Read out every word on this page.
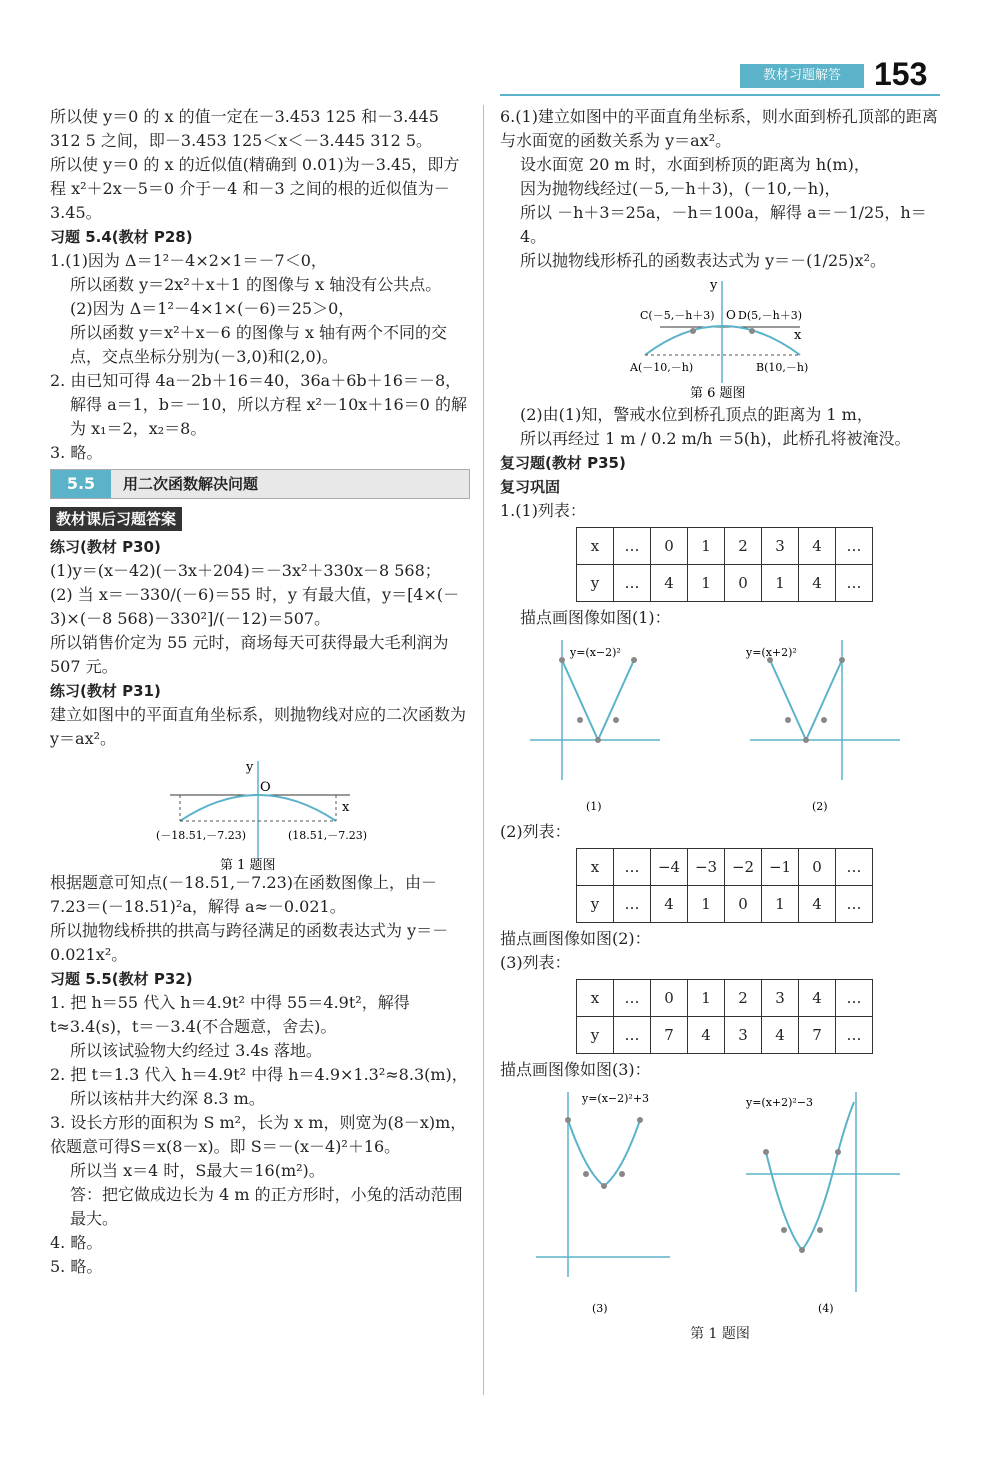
教材习题解答	153

所以使 y＝0 的 x 的值一定在－3.453 125 和－3.445 312 5 之间，即－3.453 125＜x＜－3.445 312 5。

所以使 y＝0 的 x 的近似值(精确到 0.01)为－3.45，即方程 x²＋2x－5＝0 介于－4 和－3 之间的根的近似值为－3.45。

习题 5.4(教材 P28)

1.(1)因为 Δ＝1²－4×2×1＝－7＜0，

所以函数 y＝2x²＋x＋1 的图像与 x 轴没有公共点。

(2)因为 Δ＝1²－4×1×(－6)＝25＞0，

所以函数 y＝x²＋x－6 的图像与 x 轴有两个不同的交点，交点坐标分别为(－3,0)和(2,0)。

2. 由已知可得 4a－2b＋16＝40，36a＋6b＋16＝－8，

解得 a＝1，b＝－10，所以方程 x²－10x＋16＝0 的解为 x₁＝2，x₂＝8。

3. 略。

5.5	用二次函数解决问题
教材课后习题答案

练习(教材 P30)

(1)y＝(x－42)(－3x＋204)＝－3x²＋330x－8 568；

(2) 当 x＝－330/(－6)＝55 时，y 有最大值，y＝[4×(－3)×(－8 568)－330²]/(－12)＝507。

所以销售价定为 55 元时，商场每天可获得最大毛利润为507 元。

练习(教材 P31)

建立如图中的平面直角坐标系，则抛物线对应的二次函数为 y＝ax²。

y
O
x
(－18.51,－7.23)	(18.51,－7.23)
第 1 题图

根据题意可知点(－18.51,－7.23)在函数图像上，由－7.23＝(－18.51)²a，解得 a≈－0.021。

所以抛物线桥拱的拱高与跨径满足的函数表达式为 y＝－0.021x²。

习题 5.5(教材 P32)

1. 把 h＝55 代入 h＝4.9t² 中得 55＝4.9t²，解得 t≈3.4(s)，t＝－3.4(不合题意，舍去)。

所以该试验物大约经过 3.4s 落地。

2. 把 t＝1.3 代入 h＝4.9t² 中得 h＝4.9×1.3²≈8.3(m)，

所以该枯井大约深 8.3 m。

3. 设长方形的面积为 S m²，长为 x m，则宽为(8－x)m，依题意可得S＝x(8－x)。即 S＝－(x－4)²＋16。

所以当 x＝4 时，S最大＝16(m²)。

答：把它做成边长为 4 m 的正方形时，小兔的活动范围最大。

4. 略。

5. 略。

6.(1)建立如图中的平面直角坐标系，则水面到桥孔顶部的距离与水面宽的函数关系为 y＝ax²。

设水面宽 20 m 时，水面到桥顶的距离为 h(m)，

因为抛物线经过(－5,－h＋3)，(－10,－h)，

所以 －h＋3＝25a，－h＝100a，解得 a＝－1/25，h＝4。

所以抛物线形桥孔的函数表达式为 y＝－(1/25)x²。

y
C(－5,－h＋3) O D(5,－h＋3)
x
A(－10,－h)	B(10,－h)
第 6 题图

(2)由(1)知，警戒水位到桥孔顶点的距离为 1 m，

所以再经过 1 m / 0.2 m/h ＝5(h)，此桥孔将被淹没。

复习题(教材 P35)

复习巩固

1.(1)列表：

x	…	0	1	2	3	4	…
y	…	4	1	0	1	4	…

描点画图像如图(1)：

y=(x−2)²
(1)
y=(x+2)²
(2)

(2)列表：

x	…	−4	−3	−2	−1	0	…
y	…	4	1	0	1	4	…

描点画图像如图(2)：

(3)列表：

x	…	0	1	2	3	4	…
y	…	7	4	3	4	7	…

描点画图像如图(3)：

y=(x−2)²+3
(3)
y=(x+2)²−3
(4)

第 1 题图
